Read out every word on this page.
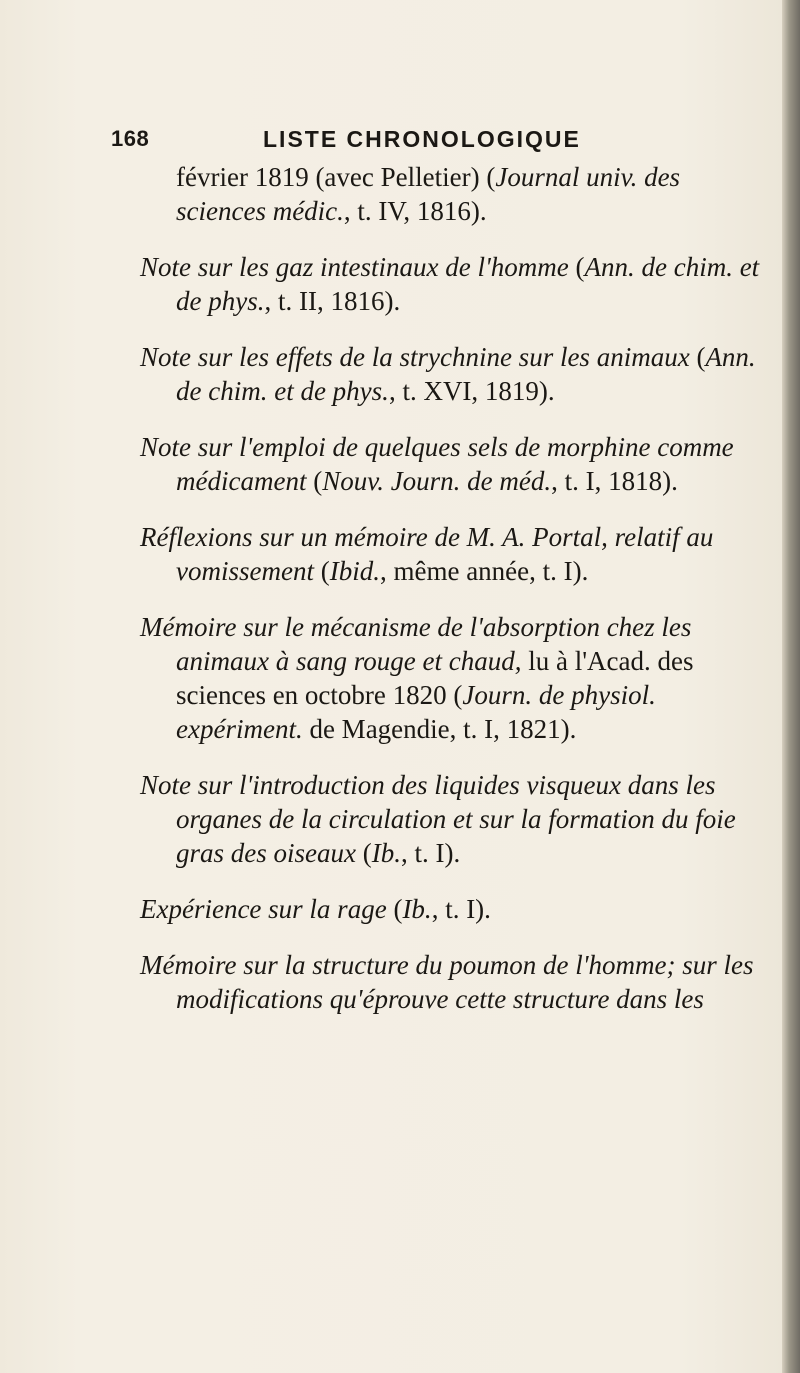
168	LISTE CHRONOLOGIQUE

février 1819 (avec Pelletier) (Journal univ. des sciences médic., t. IV, 1816).

Note sur les gaz intestinaux de l'homme (Ann. de chim. et de phys., t. II, 1816).

Note sur les effets de la strychnine sur les animaux (Ann. de chim. et de phys., t. XVI, 1819).

Note sur l'emploi de quelques sels de morphine comme médicament (Nouv. Journ. de méd., t. I, 1818).

Réflexions sur un mémoire de M. A. Portal, relatif au vomissement (Ibid., même année, t. I).

Mémoire sur le mécanisme de l'absorption chez les animaux à sang rouge et chaud, lu à l'Acad. des sciences en octobre 1820 (Journ. de physiol. expériment. de Magendie, t. I, 1821).

Note sur l'introduction des liquides visqueux dans les organes de la circulation et sur la formation du foie gras des oiseaux (Ib., t. I).

Expérience sur la rage (Ib., t. I).

Mémoire sur la structure du poumon de l'homme; sur les modifications qu'éprouve cette structure dans les
